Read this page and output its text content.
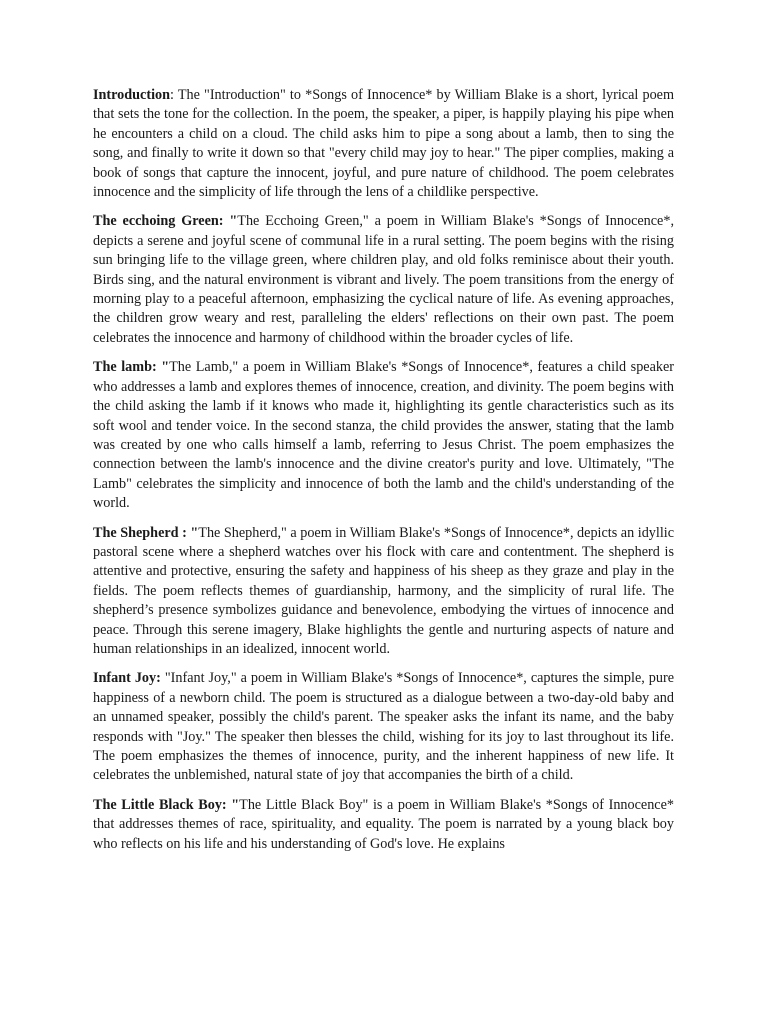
Introduction: The "Introduction" to *Songs of Innocence* by William Blake is a short, lyrical poem that sets the tone for the collection. In the poem, the speaker, a piper, is happily playing his pipe when he encounters a child on a cloud. The child asks him to pipe a song about a lamb, then to sing the song, and finally to write it down so that "every child may joy to hear." The piper complies, making a book of songs that capture the innocent, joyful, and pure nature of childhood. The poem celebrates innocence and the simplicity of life through the lens of a childlike perspective.

The ecchoing Green: "The Ecchoing Green," a poem in William Blake's *Songs of Innocence*, depicts a serene and joyful scene of communal life in a rural setting. The poem begins with the rising sun bringing life to the village green, where children play, and old folks reminisce about their youth. Birds sing, and the natural environment is vibrant and lively. The poem transitions from the energy of morning play to a peaceful afternoon, emphasizing the cyclical nature of life. As evening approaches, the children grow weary and rest, paralleling the elders' reflections on their own past. The poem celebrates the innocence and harmony of childhood within the broader cycles of life.

The lamb: "The Lamb," a poem in William Blake's *Songs of Innocence*, features a child speaker who addresses a lamb and explores themes of innocence, creation, and divinity. The poem begins with the child asking the lamb if it knows who made it, highlighting its gentle characteristics such as its soft wool and tender voice. In the second stanza, the child provides the answer, stating that the lamb was created by one who calls himself a lamb, referring to Jesus Christ. The poem emphasizes the connection between the lamb's innocence and the divine creator's purity and love. Ultimately, "The Lamb" celebrates the simplicity and innocence of both the lamb and the child's understanding of the world.

The Shepherd : "The Shepherd," a poem in William Blake's *Songs of Innocence*, depicts an idyllic pastoral scene where a shepherd watches over his flock with care and contentment. The shepherd is attentive and protective, ensuring the safety and happiness of his sheep as they graze and play in the fields. The poem reflects themes of guardianship, harmony, and the simplicity of rural life. The shepherd’s presence symbolizes guidance and benevolence, embodying the virtues of innocence and peace. Through this serene imagery, Blake highlights the gentle and nurturing aspects of nature and human relationships in an idealized, innocent world.

Infant Joy: "Infant Joy," a poem in William Blake's *Songs of Innocence*, captures the simple, pure happiness of a newborn child. The poem is structured as a dialogue between a two-day-old baby and an unnamed speaker, possibly the child's parent. The speaker asks the infant its name, and the baby responds with "Joy." The speaker then blesses the child, wishing for its joy to last throughout its life. The poem emphasizes the themes of innocence, purity, and the inherent happiness of new life. It celebrates the unblemished, natural state of joy that accompanies the birth of a child.

The Little Black Boy: "The Little Black Boy" is a poem in William Blake's *Songs of Innocence* that addresses themes of race, spirituality, and equality. The poem is narrated by a young black boy who reflects on his life and his understanding of God's love. He explains
